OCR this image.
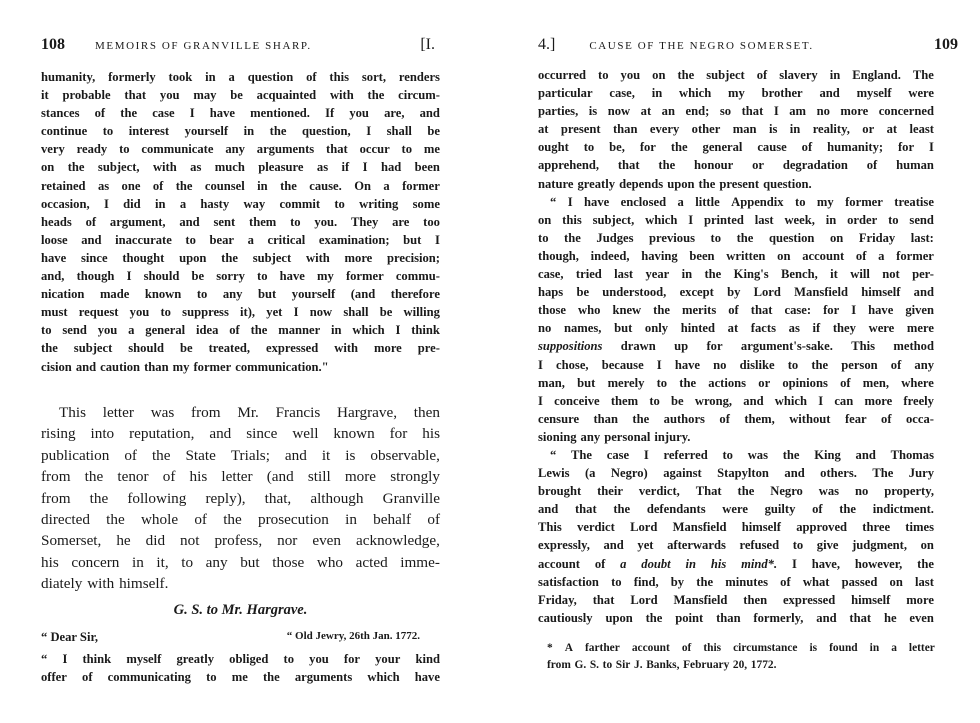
108	MEMOIRS OF GRANVILLE SHARP.	[I.
humanity, formerly took in a question of this sort, renders
it probable that you may be acquainted with the circum-
stances of the case I have mentioned. If you are, and
continue to interest yourself in the question, I shall be
very ready to communicate any arguments that occur to me
on the subject, with as much pleasure as if I had been
retained as one of the counsel in the cause. On a former
occasion, I did in a hasty way commit to writing some
heads of argument, and sent them to you. They are too
loose and inaccurate to bear a critical examination; but I
have since thought upon the subject with more precision;
and, though I should be sorry to have my former commu-
nication made known to any but yourself (and therefore
must request you to suppress it), yet I now shall be willing
to send you a general idea of the manner in which I think
the subject should be treated, expressed with more pre-
cision and caution than my former communication."
This letter was from Mr. Francis Hargrave, then
rising into reputation, and since well known for his
publication of the State Trials; and it is observable,
from the tenor of his letter (and still more strongly
from the following reply), that, although Granville
directed the whole of the prosecution in behalf of
Somerset, he did not profess, nor even acknowledge,
his concern in it, to any but those who acted imme-
diately with himself.
G. S. to Mr. Hargrave.
“ Dear Sir,	“ Old Jewry, 26th Jan. 1772.
“ I think myself greatly obliged to you for your kind
offer of communicating to me the arguments which have
4.]	CAUSE OF THE NEGRO SOMERSET.	109
occurred to you on the subject of slavery in England. The
particular case, in which my brother and myself were
parties, is now at an end; so that I am no more concerned
at present than every other man is in reality, or at least
ought to be, for the general cause of humanity; for I
apprehend, that the honour or degradation of human
nature greatly depends upon the present question.
“ I have enclosed a little Appendix to my former treatise
on this subject, which I printed last week, in order to send
to the Judges previous to the question on Friday last:
though, indeed, having been written on account of a former
case, tried last year in the King's Bench, it will not per-
haps be understood, except by Lord Mansfield himself and
those who knew the merits of that case: for I have given
no names, but only hinted at facts as if they were mere
suppositions drawn up for argument's-sake. This method
I chose, because I have no dislike to the person of any
man, but merely to the actions or opinions of men, where
I conceive them to be wrong, and which I can more freely
censure than the authors of them, without fear of occa-
sioning any personal injury.
“ The case I referred to was the King and Thomas
Lewis (a Negro) against Stapylton and others. The Jury
brought their verdict, That the Negro was no property,
and that the defendants were guilty of the indictment.
This verdict Lord Mansfield himself approved three times
expressly, and yet afterwards refused to give judgment, on
account of a doubt in his mind*. I have, however, the
satisfaction to find, by the minutes of what passed on last
Friday, that Lord Mansfield then expressed himself more
cautiously upon the point than formerly, and that he even
* A farther account of this circumstance is found in a letter
from G. S. to Sir J. Banks, February 20, 1772.
